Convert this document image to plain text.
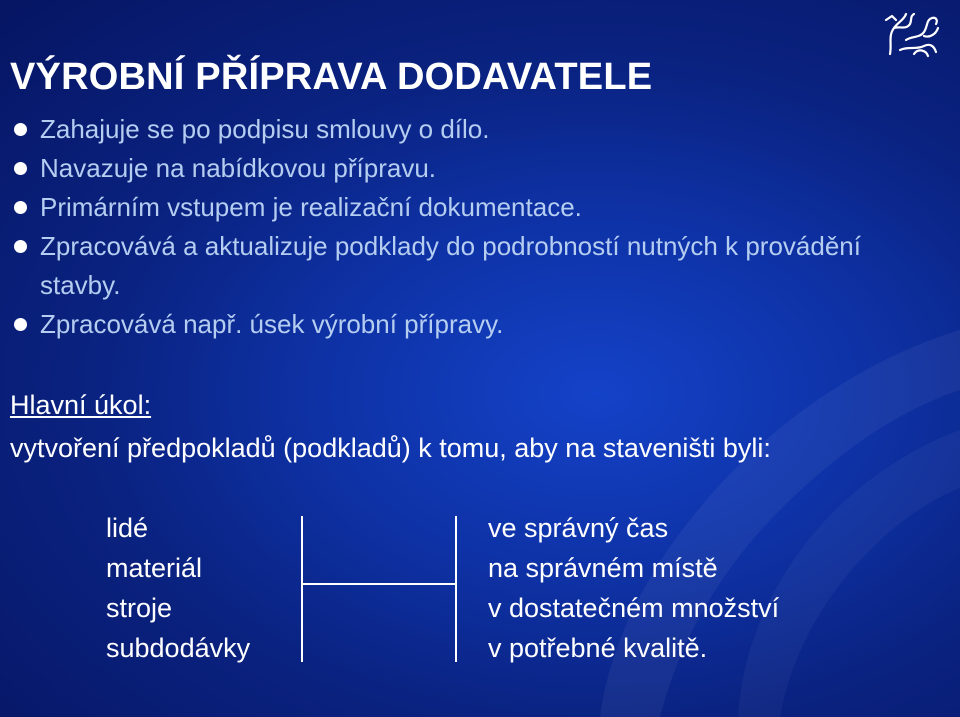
VÝROBNÍ PŘÍPRAVA DODAVATELE
Zahajuje se po podpisu smlouvy o dílo.
Navazuje na nabídkovou přípravu.
Primárním vstupem je realizační dokumentace.
Zpracovává a aktualizuje podklady do podrobností nutných k provádění stavby.
Zpracovává např. úsek výrobní přípravy.

Hlavní úkol:

vytvoření předpokladů (podkladů) k tomu, aby na staveništi byli:

lidé
materiál
stroje
subdodávky
ve správný čas
na správném místě
v dostatečném množství
v potřebné kvalitě.
